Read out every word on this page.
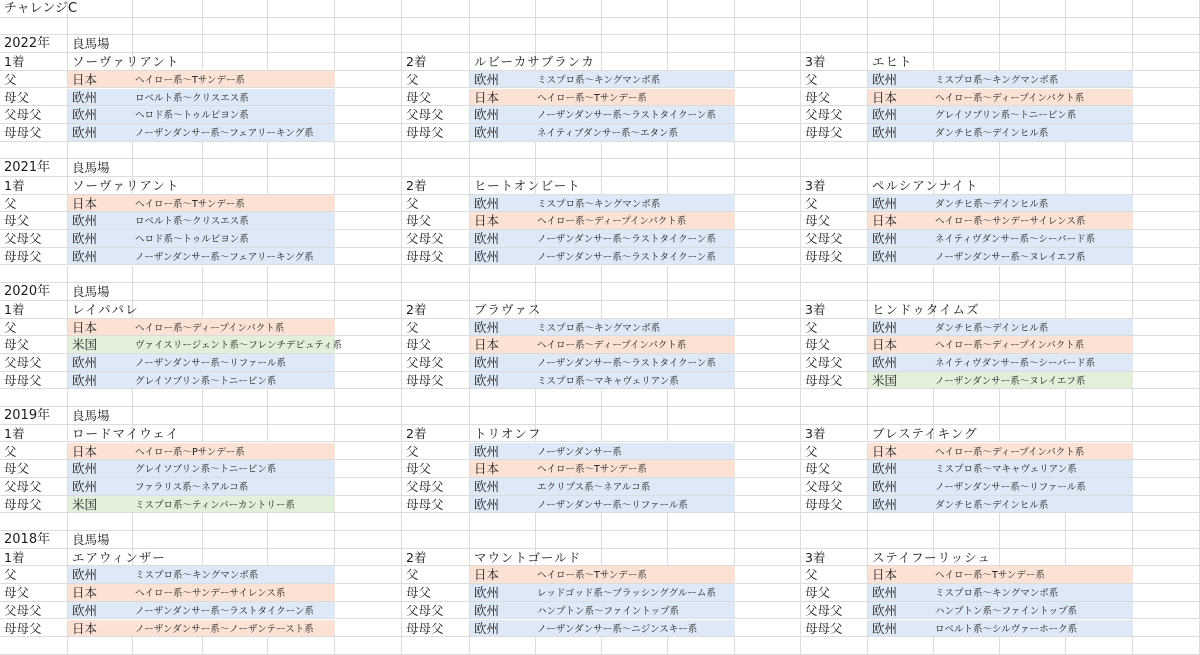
チャレンジC
2022年 良馬場
1着	ソーヴァリアント
父	日本	ヘイロー系〜Tサンデー系
母父	欧州	ロベルト系〜クリスエス系
父母父 欧州	ヘロド系〜トゥルビヨン系
母母父 欧州	ノーザンダンサー系〜フェアリーキング系
2着	ルビーカサブランカ
父	欧州	ミスプロ系〜キングマンボ系
母父	日本	ヘイロー系〜Tサンデー系
父母父 欧州	ノーザンダンサー系〜ラストタイクーン系
母母父 欧州	ネイティブダンサー系〜エタン系
3着	エヒト
父	欧州	ミスプロ系〜キングマンボ系
母父	日本	ヘイロー系〜ディープインパクト系
父母父 欧州	グレイソブリン系〜トニービン系
母母父 欧州	ダンチヒ系〜デインヒル系
2021年 良馬場
1着	ソーヴァリアント
父	日本	ヘイロー系〜Tサンデー系
母父	欧州	ロベルト系〜クリスエス系
父母父 欧州	ヘロド系〜トゥルビヨン系
母母父 欧州	ノーザンダンサー系〜フェアリーキング系
2着	ヒートオンビート
父	欧州	ミスプロ系〜キングマンボ系
母父	日本	ヘイロー系〜ディープインパクト系
父母父 欧州	ノーザンダンサー系〜ラストタイクーン系
母母父 欧州	ノーザンダンサー系〜ラストタイクーン系
3着	ペルシアンナイト
父	欧州	ダンチヒ系〜デインヒル系
母父	日本	ヘイロー系〜サンデーサイレンス系
父母父 欧州	ネイティヴダンサー系〜シーバード系
母母父 欧州	ノーザンダンサー系〜ヌレイエフ系
2020年 良馬場
1着	レイパパレ
父	日本	ヘイロー系〜ディープインパクト系
母父	米国	ヴァイスリージェント系〜フレンチデピュティ系
父母父 欧州	ノーザンダンサー系〜リファール系
母母父 欧州	グレイソブリン系〜トニービン系
2着	ブラヴァス
父	欧州	ミスプロ系〜キングマンボ系
母父	日本	ヘイロー系〜ディープインパクト系
父母父 欧州	ノーザンダンサー系〜ラストタイクーン系
母母父 欧州	ミスプロ系〜マキャヴェリアン系
3着	ヒンドゥタイムズ
父	欧州	ダンチヒ系〜デインヒル系
母父	日本	ヘイロー系〜ディープインパクト系
父母父 欧州	ネイティヴダンサー系〜シーバード系
母母父 米国	ノーザンダンサー系〜ヌレイエフ系
2019年 良馬場
1着	ロードマイウェイ
父	日本	ヘイロー系〜Pサンデー系
母父	欧州	グレイソブリン系〜トニービン系
父母父 欧州	ファラリス系〜ネアルコ系
母母父 米国	ミスプロ系〜ティンバーカントリー系
2着	トリオンフ
父	欧州	ノーザンダンサー系
母父	日本	ヘイロー系〜Tサンデー系
父母父 欧州	エクリプス系〜ネアルコ系
母母父 欧州	ノーザンダンサー系〜リファール系
3着	ブレステイキング
父	日本	ヘイロー系〜ディープインパクト系
母父	欧州	ミスプロ系〜マキャヴェリアン系
父母父 欧州	ノーザンダンサー系〜リファール系
母母父 欧州	ダンチヒ系〜デインヒル系
2018年 良馬場
1着	エアウィンザー
父	欧州	ミスプロ系〜キングマンボ系
母父	日本	ヘイロー系〜サンデーサイレンス系
父母父 欧州	ノーザンダンサー系〜ラストタイクーン系
母母父 日本	ノーザンダンサー系〜ノーザンテースト系
2着	マウントゴールド
父	日本	ヘイロー系〜Tサンデー系
母父	欧州	レッドゴッド系〜ブラッシンググルーム系
父母父 欧州	ハンプトン系〜ファイントップ系
母母父 欧州	ノーザンダンサー系〜ニジンスキー系
3着	ステイフーリッシュ
父	日本	ヘイロー系〜Tサンデー系
母父	欧州	ミスプロ系〜キングマンボ系
父母父 欧州	ハンプトン系〜ファイントップ系
母母父 欧州	ロベルト系〜シルヴァーホーク系
